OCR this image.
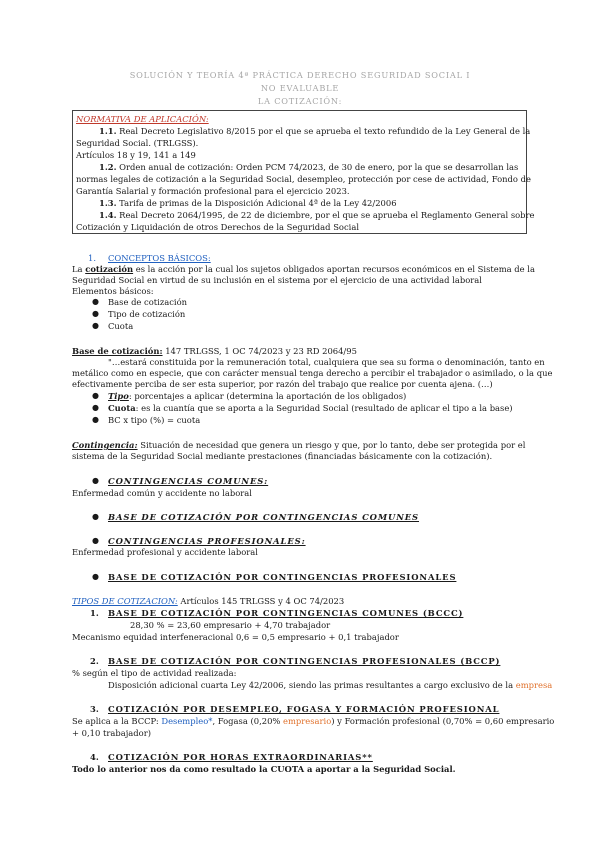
SOLUCIÓN Y TEORÍA 4ª PRÁCTICA DERECHO SEGURIDAD SOCIAL I
NO EVALUABLE
LA COTIZACIÓN:
NORMATIVA DE APLICACIÓN:
1.1. Real Decreto Legislativo 8/2015 por el que se aprueba el texto refundido de la Ley General de la
Seguridad Social. (TRLGSS).
Artículos 18 y 19, 141 a 149
1.2. Orden anual de cotización: Orden PCM 74/2023, de 30 de enero, por la que se desarrollan las
normas legales de cotización a la Seguridad Social, desempleo, protección por cese de actividad, Fondo de
Garantía Salarial y formación profesional para el ejercicio 2023.
1.3. Tarifa de primas de la Disposición Adicional 4ª de la Ley 42/2006
1.4. Real Decreto 2064/1995, de 22 de diciembre, por el que se aprueba el Reglamento General sobre
Cotización y Liquidación de otros Derechos de la Seguridad Social
1. CONCEPTOS BÁSICOS:
La cotización es la acción por la cual los sujetos obligados aportan recursos económicos en el Sistema de la
Seguridad Social en virtud de su inclusión en el sistema por el ejercicio de una actividad laboral
Elementos básicos:
● Base de cotización
● Tipo de cotización
● Cuota
Base de cotización: 147 TRLGSS, 1 OC 74/2023 y 23 RD 2064/95
"…estará constituida por la remuneración total, cualquiera que sea su forma o denominación, tanto en
metálico como en especie, que con carácter mensual tenga derecho a percibir el trabajador o asimilado, o la que
efectivamente perciba de ser esta superior, por razón del trabajo que realice por cuenta ajena. (…)
● Tipo: porcentajes a aplicar (determina la aportación de los obligados)
● Cuota: es la cuantía que se aporta a la Seguridad Social (resultado de aplicar el tipo a la base)
● BC x tipo (%) = cuota
Contingencia: Situación de necesidad que genera un riesgo y que, por lo tanto, debe ser protegida por el
sistema de la Seguridad Social mediante prestaciones (financiadas básicamente con la cotización).
● CONTINGENCIAS COMUNES:
Enfermedad común y accidente no laboral
● BASE DE COTIZACIÓN POR CONTINGENCIAS COMUNES
● CONTINGENCIAS PROFESIONALES:
Enfermedad profesional y accidente laboral
● BASE DE COTIZACIÓN POR CONTINGENCIAS PROFESIONALES
TIPOS DE COTIZACION: Artículos 145 TRLGSS y 4 OC 74/2023
1. BASE DE COTIZACIÓN POR CONTINGENCIAS COMUNES (BCCC)
28,30 % = 23,60 empresario + 4,70 trabajador
Mecanismo equidad interfeneracional 0,6 = 0,5 empresario + 0,1 trabajador
2. BASE DE COTIZACIÓN POR CONTINGENCIAS PROFESIONALES (BCCP)
% según el tipo de actividad realizada:
Disposición adicional cuarta Ley 42/2006, siendo las primas resultantes a cargo exclusivo de la empresa
3. COTIZACIÓN POR DESEMPLEO, FOGASA Y FORMACIÓN PROFESIONAL
Se aplica a la BCCP: Desempleo*, Fogasa (0,20% empresario) y Formación profesional (0,70% = 0,60 empresario
+ 0,10 trabajador)
4. COTIZACIÓN POR HORAS EXTRAORDINARIAS**
Todo lo anterior nos da como resultado la CUOTA a aportar a la Seguridad Social.
